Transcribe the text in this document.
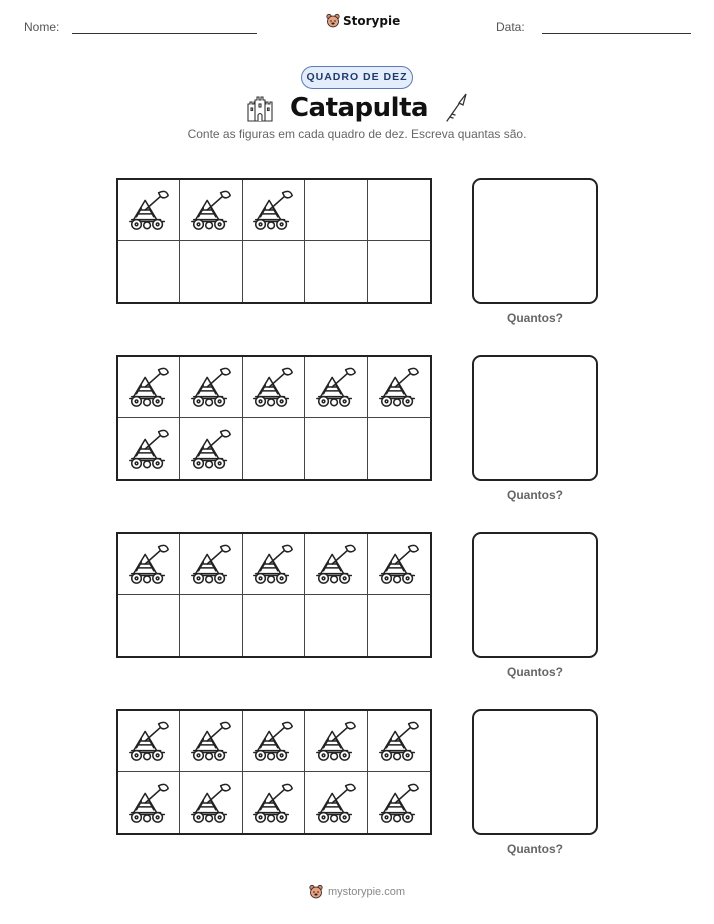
Nome:	Storypie	Data:
QUADRO DE DEZ
Catapulta
Conte as figuras em cada quadro de dez. Escreva quantas são.
Quantos?
Quantos?
Quantos?
Quantos?
mystorypie.com
